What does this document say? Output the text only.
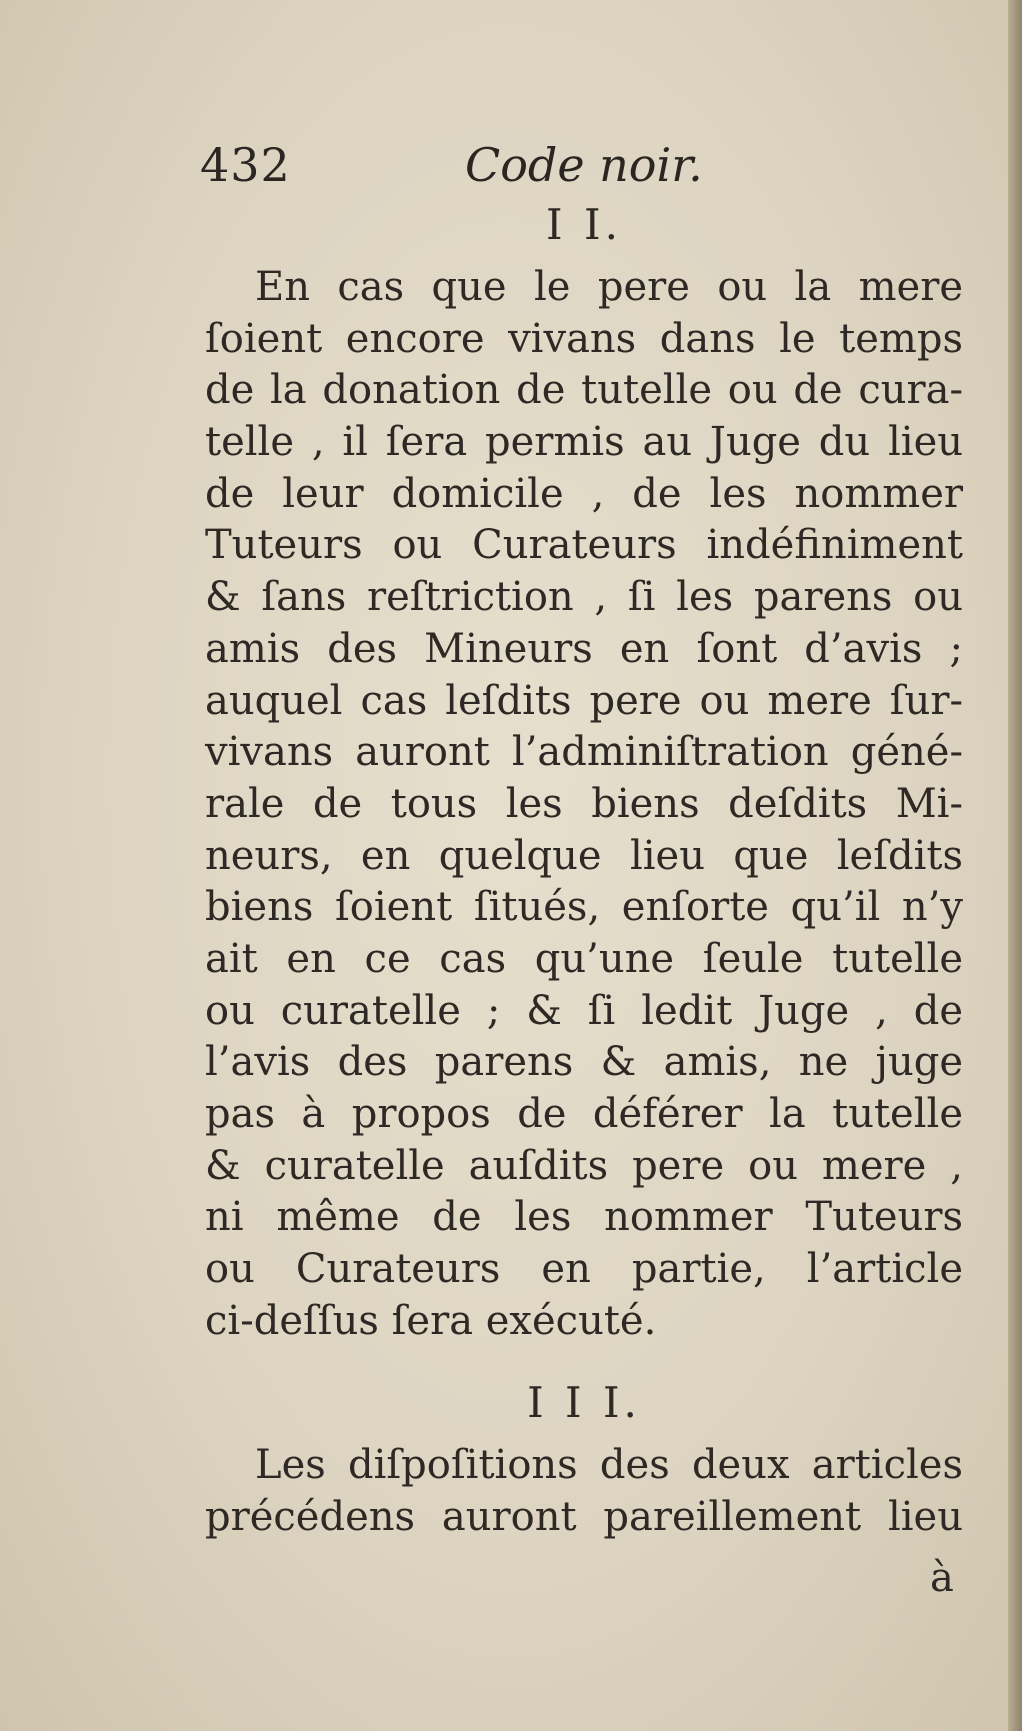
432	Code noir.
I I.
En cas que le pere ou la mere
ſoient encore vivans dans le temps
de la donation de tutelle ou de cura-
telle , il ſera permis au Juge du lieu
de leur domicile , de les nommer
Tuteurs ou Curateurs indéfiniment
& ſans reſtriction , ſi les parens ou
amis des Mineurs en ſont d’avis ;
auquel cas leſdits pere ou mere ſur-
vivans auront l’adminiſtration géné-
rale de tous les biens deſdits Mi-
neurs, en quelque lieu que leſdits
biens ſoient ſitués, enſorte qu’il n’y
ait en ce cas qu’une ſeule tutelle
ou curatelle ; & ſi ledit Juge , de
l’avis des parens & amis, ne juge
pas à propos de déférer la tutelle
& curatelle auſdits pere ou mere ,
ni même de les nommer Tuteurs
ou Curateurs en partie, l’article
ci-deſſus ſera exécuté.
I I I.
Les diſpoſitions des deux articles
précédens auront pareillement lieu
à
